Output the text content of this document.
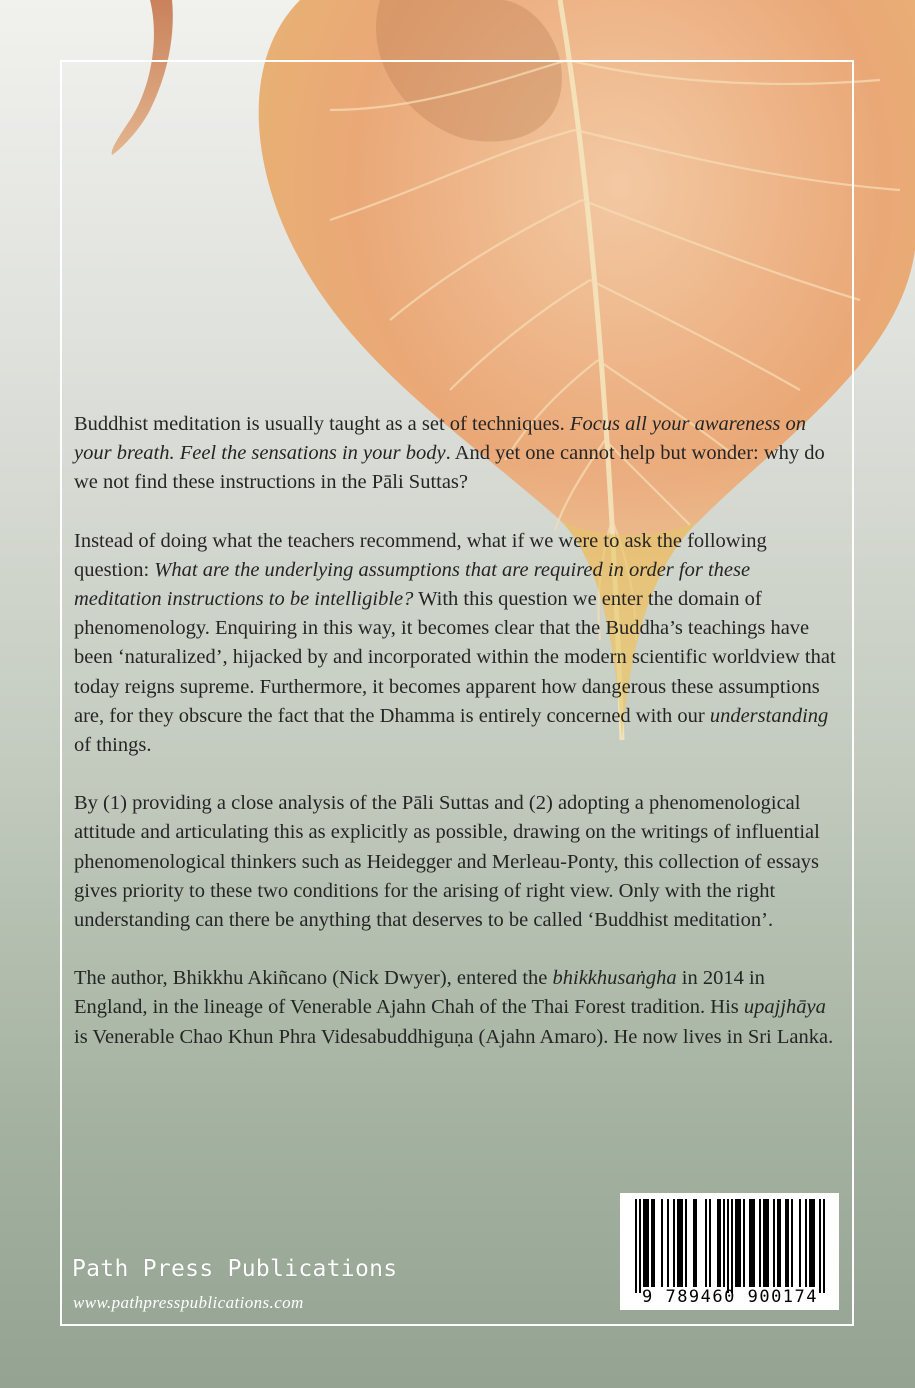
Buddhist meditation is usually taught as a set of techniques. Focus all your awareness on your breath. Feel the sensations in your body. And yet one cannot help but wonder: why do we not find these instructions in the Pāli Suttas?

Instead of doing what the teachers recommend, what if we were to ask the following question: What are the underlying assumptions that are required in order for these meditation instructions to be intelligible? With this question we enter the domain of phenomenology. Enquiring in this way, it becomes clear that the Buddha’s teachings have been ‘naturalized’, hijacked by and incorporated within the modern scientific worldview that today reigns supreme. Furthermore, it becomes apparent how dangerous these assumptions are, for they obscure the fact that the Dhamma is entirely concerned with our understanding of things.

By (1) providing a close analysis of the Pāli Suttas and (2) adopting a phenomenological attitude and articulating this as explicitly as possible, drawing on the writings of influential phenomenological thinkers such as Heidegger and Merleau-Ponty, this collection of essays gives priority to these two conditions for the arising of right view. Only with the right understanding can there be anything that deserves to be called ‘Buddhist meditation’.

The author, Bhikkhu Akiñcano (Nick Dwyer), entered the bhikkhusaṅgha in 2014 in England, in the lineage of Venerable Ajahn Chah of the Thai Forest tradition. His upajjhāya is Venerable Chao Khun Phra Videsabuddhiguṇa (Ajahn Amaro). He now lives in Sri Lanka.

Path Press Publications
www.pathpresspublications.com	9 789460 900174
